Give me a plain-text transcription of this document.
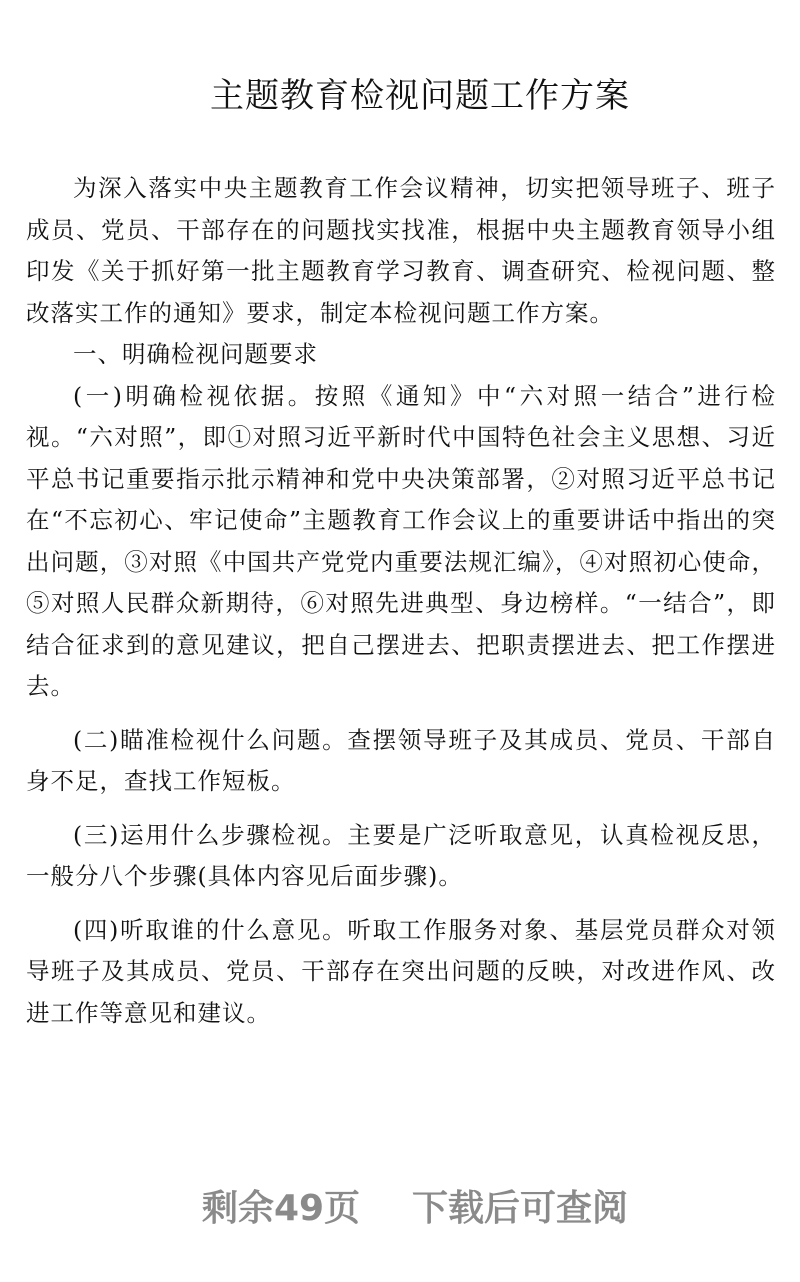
主题教育检视问题工作方案

为深入落实中央主题教育工作会议精神，切实把领导班子、班子成员、党员、干部存在的问题找实找准，根据中央主题教育领导小组印发《关于抓好第一批主题教育学习教育、调查研究、检视问题、整改落实工作的通知》要求，制定本检视问题工作方案。

一、明确检视问题要求

(一)明确检视依据。按照《通知》中“六对照一结合”进行检视。“六对照”，即①对照习近平新时代中国特色社会主义思想、习近平总书记重要指示批示精神和党中央决策部署，②对照习近平总书记在“不忘初心、牢记使命”主题教育工作会议上的重要讲话中指出的突出问题，③对照《中国共产党党内重要法规汇编》，④对照初心使命，⑤对照人民群众新期待，⑥对照先进典型、身边榜样。“一结合”，即结合征求到的意见建议，把自己摆进去、把职责摆进去、把工作摆进去。

(二)瞄准检视什么问题。查摆领导班子及其成员、党员、干部自身不足，查找工作短板。

(三)运用什么步骤检视。主要是广泛听取意见，认真检视反思，一般分八个步骤(具体内容见后面步骤)。

(四)听取谁的什么意见。听取工作服务对象、基层党员群众对领导班子及其成员、党员、干部存在突出问题的反映，对改进作风、改进工作等意见和建议。

剩余49页 下载后可查阅
